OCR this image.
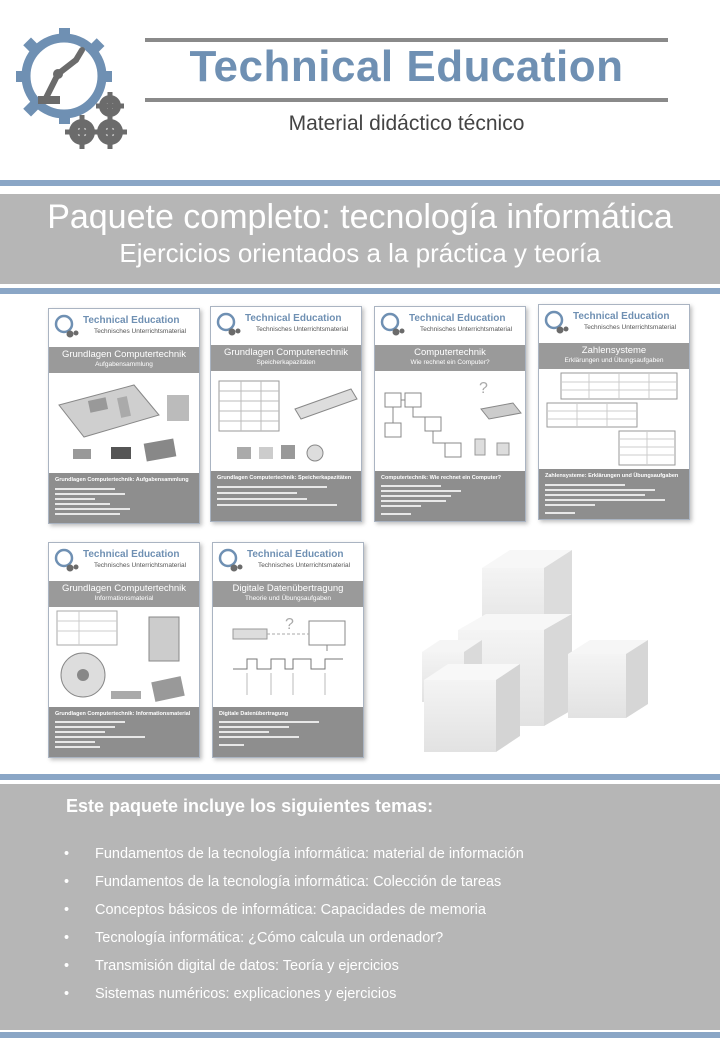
Technical Education
Material didáctico técnico
Paquete completo: tecnología informática
Ejercicios orientados a la práctica y teoría
Technical Education
Technisches Unterrichtsmaterial
Grundlagen Computertechnik
Aufgabensammlung
Grundlagen Computertechnik: Aufgabensammlung
Technical Education
Technisches Unterrichtsmaterial
Grundlagen Computertechnik
Speicherkapazitäten
Grundlagen Computertechnik: Speicherkapazitäten
Technical Education
Technisches Unterrichtsmaterial
Computertechnik
Wie rechnet ein Computer?
?
Computertechnik: Wie rechnet ein Computer?
Technical Education
Technisches Unterrichtsmaterial
Zahlensysteme
Erklärungen und Übungsaufgaben
Zahlensysteme: Erklärungen und Übungsaufgaben
Technical Education
Technisches Unterrichtsmaterial
Grundlagen Computertechnik
Informationsmaterial
Grundlagen Computertechnik: Informationsmaterial
Technical Education
Technisches Unterrichtsmaterial
Digitale Datenübertragung
Theorie und Übungsaufgaben
?
Digitale Datenübertragung
Este paquete incluye los siguientes temas:
• Fundamentos de la tecnología informática: material de información
• Fundamentos de la tecnología informática: Colección de tareas
• Conceptos básicos de informática: Capacidades de memoria
• Tecnología informática: ¿Cómo calcula un ordenador?
• Transmisión digital de datos: Teoría y ejercicios
• Sistemas numéricos: explicaciones y ejercicios
